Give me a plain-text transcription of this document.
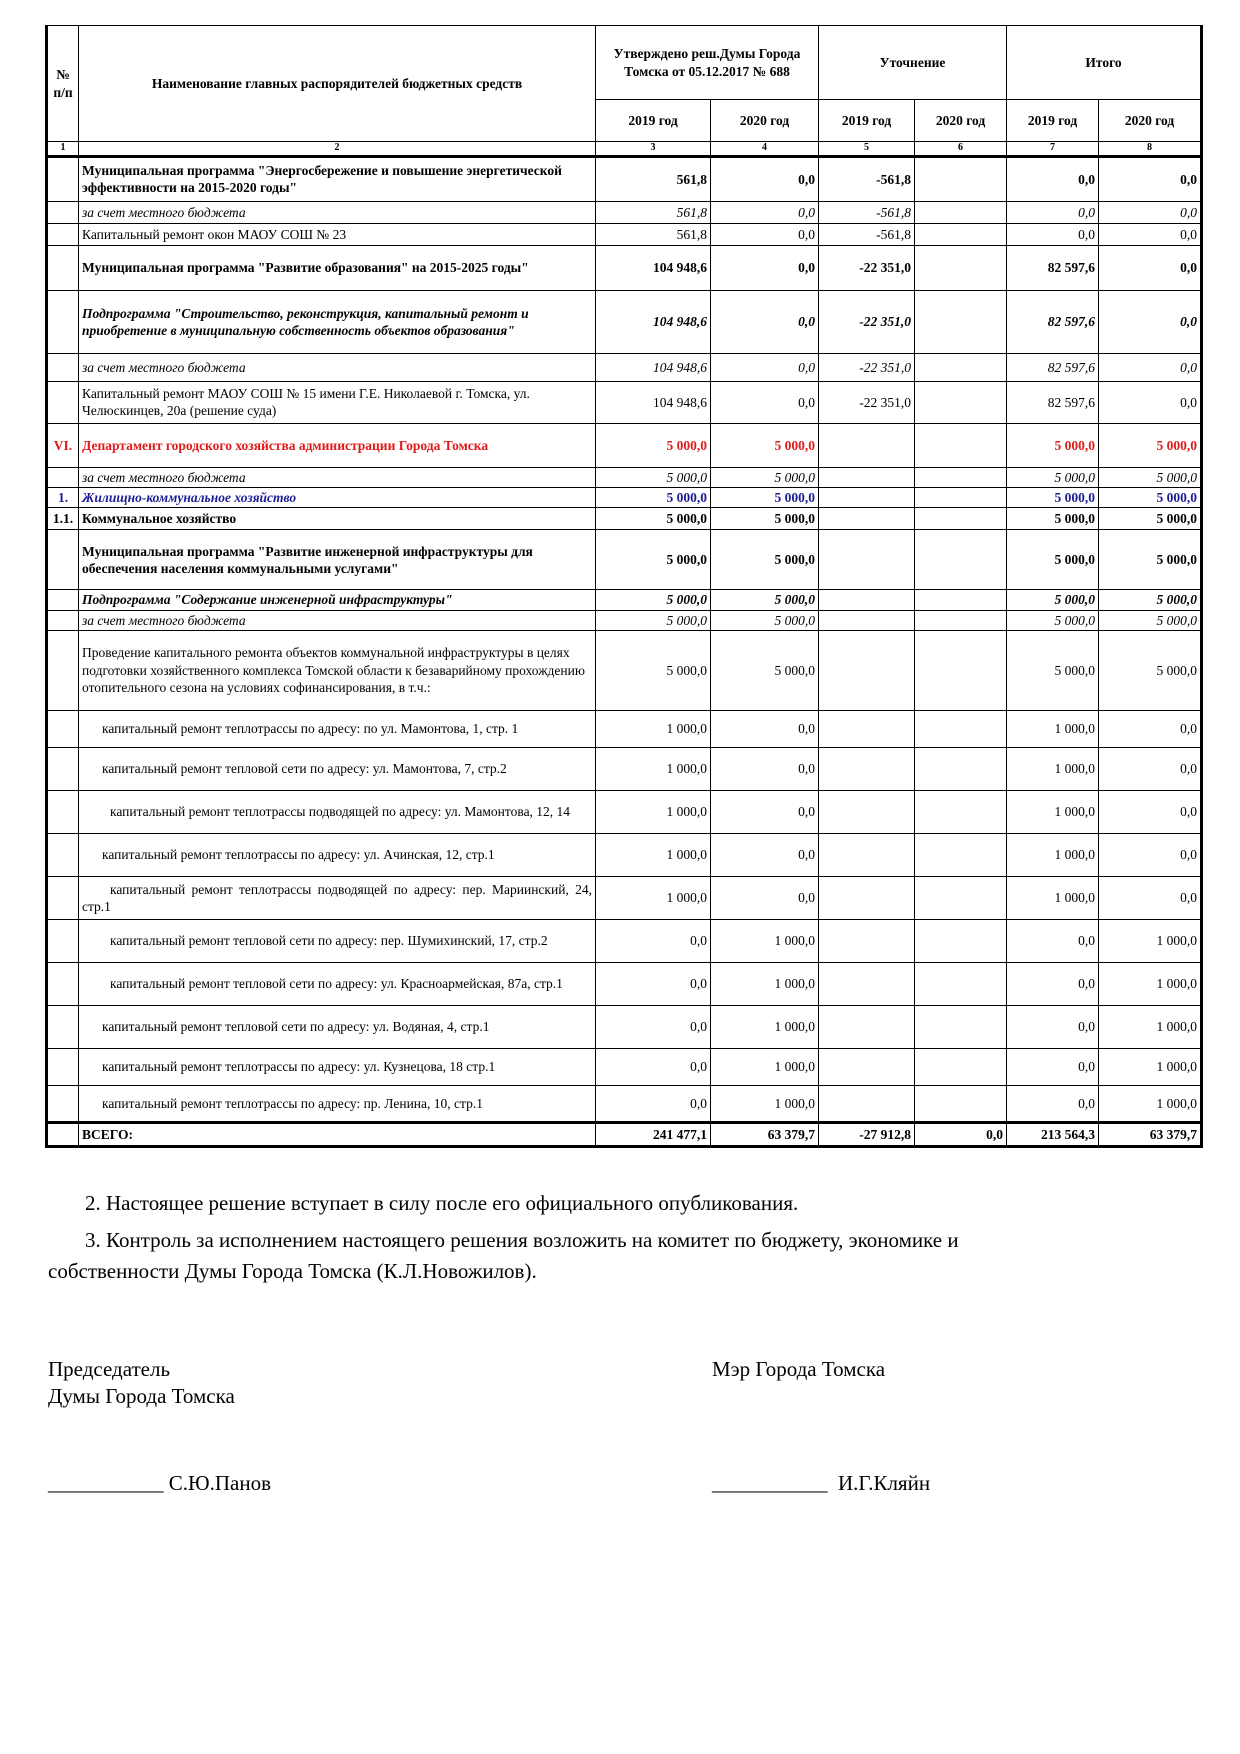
№ п/п	Наименование главных распорядителей бюджетных средств	Утверждено реш.Думы Города Томска от 05.12.2017 № 688		Уточнение		Итого	
		2019 год	2020 год	2019 год	2020 год	2019 год	2020 год
1	2	3	4	5	6	7	8
	Муниципальная программа "Энергосбережение и повышение энергетической эффективности на 2015-2020 годы"	561,8	0,0	-561,8		0,0	0,0
	за счет местного бюджета	561,8	0,0	-561,8		0,0	0,0
	Капитальный ремонт окон МАОУ СОШ № 23	561,8	0,0	-561,8		0,0	0,0
	Муниципальная программа "Развитие образования" на 2015-2025 годы"	104 948,6	0,0	-22 351,0		82 597,6	0,0
	Подпрограмма "Строительство, реконструкция, капитальный ремонт и приобретение в муниципальную собственность объектов образования"	104 948,6	0,0	-22 351,0		82 597,6	0,0
	за счет местного бюджета	104 948,6	0,0	-22 351,0		82 597,6	0,0
	Капитальный ремонт МАОУ СОШ № 15 имени Г.Е. Николаевой г. Томска, ул. Челюскинцев, 20а (решение суда)	104 948,6	0,0	-22 351,0		82 597,6	0,0
VI.	Департамент городского хозяйства администрации Города Томска	5 000,0	5 000,0			5 000,0	5 000,0
	за счет местного бюджета	5 000,0	5 000,0			5 000,0	5 000,0
1.	Жилищно-коммунальное хозяйство	5 000,0	5 000,0			5 000,0	5 000,0
1.1.	Коммунальное хозяйство	5 000,0	5 000,0			5 000,0	5 000,0
	Муниципальная программа "Развитие инженерной инфраструктуры для обеспечения населения коммунальными услугами"	5 000,0	5 000,0			5 000,0	5 000,0
	Подпрограмма "Содержание инженерной инфраструктуры"	5 000,0	5 000,0			5 000,0	5 000,0
	за счет местного бюджета	5 000,0	5 000,0			5 000,0	5 000,0
	Проведение капитального ремонта объектов коммунальной инфраструктуры в целях подготовки хозяйственного комплекса Томской области к безаварийному прохождению отопительного сезона на условиях софинансирования, в т.ч.:	5 000,0	5 000,0			5 000,0	5 000,0
	капитальный ремонт теплотрассы по адресу: по ул. Мамонтова, 1, стр. 1	1 000,0	0,0			1 000,0	0,0
	капитальный ремонт тепловой сети по адресу: ул. Мамонтова, 7, стр.2	1 000,0	0,0			1 000,0	0,0
	капитальный ремонт теплотрассы подводящей по адресу: ул. Мамонтова, 12, 14	1 000,0	0,0			1 000,0	0,0
	капитальный ремонт теплотрассы по адресу: ул. Ачинская, 12, стр.1	1 000,0	0,0			1 000,0	0,0
	капитальный ремонт теплотрассы подводящей по адресу: пер. Мариинский, 24, стр.1	1 000,0	0,0			1 000,0	0,0
	капитальный ремонт тепловой сети по адресу: пер. Шумихинский, 17, стр.2	0,0	1 000,0			0,0	1 000,0
	капитальный ремонт тепловой сети по адресу: ул. Красноармейская, 87а, стр.1	0,0	1 000,0			0,0	1 000,0
	капитальный ремонт тепловой сети по адресу: ул. Водяная, 4, стр.1	0,0	1 000,0			0,0	1 000,0
	капитальный ремонт теплотрассы по адресу: ул. Кузнецова, 18 стр.1	0,0	1 000,0			0,0	1 000,0
	капитальный ремонт теплотрассы по адресу: пр. Ленина, 10, стр.1	0,0	1 000,0			0,0	1 000,0
	ВСЕГО:	241 477,1	63 379,7	-27 912,8	0,0	213 564,3	63 379,7
2. Настоящее решение вступает в силу после его официального опубликования.
3. Контроль за исполнением настоящего решения возложить на комитет по бюджету, экономике и
собственности Думы Города Томска (К.Л.Новожилов).
Председатель
Думы Города Томска
Мэр Города Томска
___________ С.Ю.Панов	___________  И.Г.Кляйн
